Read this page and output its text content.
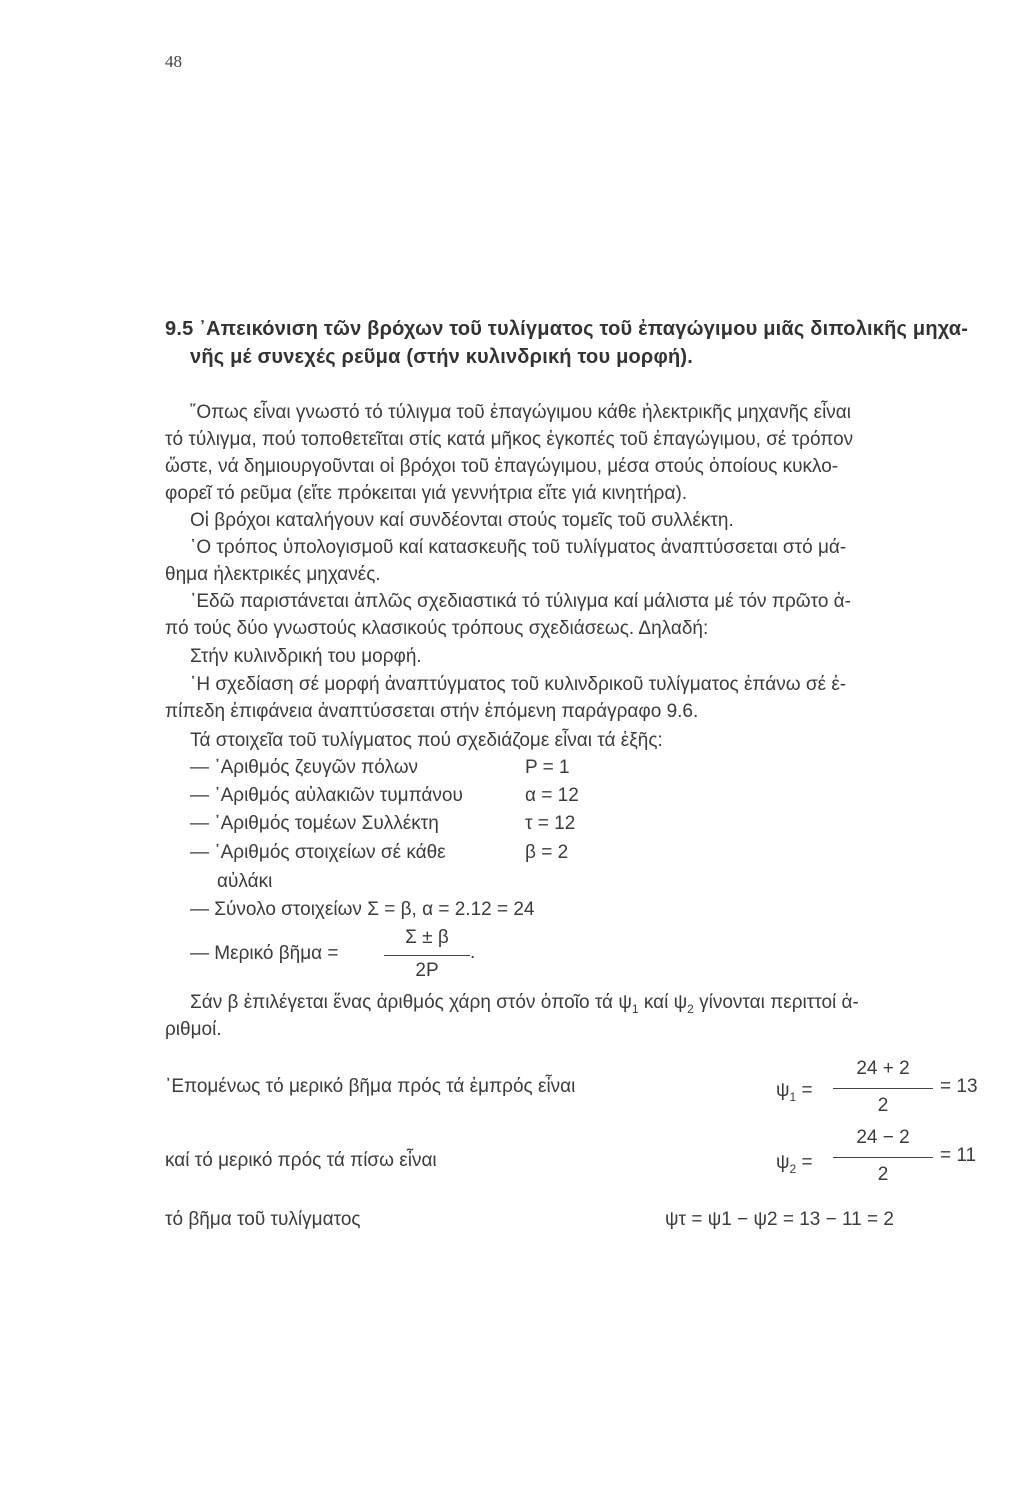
48
9.5 ᾿Απεικόνιση τῶν βρόχων τοῦ τυλίγματος τοῦ ἐπαγώγιμου μιᾶς διπολικῆς μηχα-
νῆς μέ συνεχές ρεῦμα (στήν κυλινδρική του μορφή).
῞Οπως εἶναι γνωστό τό τύλιγμα τοῦ ἐπαγώγιμου κάθε ἠλεκτρικῆς μηχανῆς εἶναι
τό τύλιγμα, πού τοποθετεῖται στίς κατά μῆκος ἐγκοπές τοῦ ἐπαγώγιμου, σέ τρόπον
ὥστε, νά δημιουργοῦνται οἱ βρόχοι τοῦ ἐπαγώγιμου, μέσα στούς ὁποίους κυκλο-
φορεῖ τό ρεῦμα (εἴτε πρόκειται γιά γεννήτρια εἴτε γιά κινητήρα).
Οἱ βρόχοι καταλήγουν καί συνδέονται στούς τομεῖς τοῦ συλλέκτη.
῾Ο τρόπος ὑπολογισμοῦ καί κατασκευῆς τοῦ τυλίγματος ἀναπτύσσεται στό μά-
θημα ἠλεκτρικές μηχανές.
᾿Εδῶ παριστάνεται ἁπλῶς σχεδιαστικά τό τύλιγμα καί μάλιστα μέ τόν πρῶτο ἀ-
πό τούς δύο γνωστούς κλασικούς τρόπους σχεδιάσεως. Δηλαδή:
Στήν κυλινδρική του μορφή.
῾Η σχεδίαση σέ μορφή ἀναπτύγματος τοῦ κυλινδρικοῦ τυλίγματος ἐπάνω σέ ἐ-
πίπεδη ἐπιφάνεια ἀναπτύσσεται στήν ἑπόμενη παράγραφο 9.6.
Τά στοιχεῖα τοῦ τυλίγματος πού σχεδιάζομε εἶναι τά ἑξῆς:
— ᾿Αριθμός ζευγῶν πόλων	P = 1
— ᾿Αριθμός αὐλακιῶν τυμπάνου	α = 12
— ᾿Αριθμός τομέων Συλλέκτη	τ = 12
— ᾿Αριθμός στοιχείων σέ κάθε	β = 2
αὐλάκι
— Σύνολο στοιχείων Σ = β, α = 2.12 = 24
— Μερικό βῆμα =
Σ ± β
2P
.
Σάν β ἐπιλέγεται ἕνας ἀριθμός χάρη στόν ὁποῖο τά $\psi_1$ καί $\psi_2$ γίνονται περιττοί ἀ-
ριθμοί.
᾿Επομένως τό μερικό βῆμα πρός τά ἐμπρός εἶναι	$\psi_1$ =
24 + 2
2
= 13
καί τό μερικό πρός τά πίσω εἶναι	$\psi_2$ =
24 − 2
2
= 11
τό βῆμα τοῦ τυλίγματος	ψτ = ψ1 − ψ2 = 13 − 11 = 2
